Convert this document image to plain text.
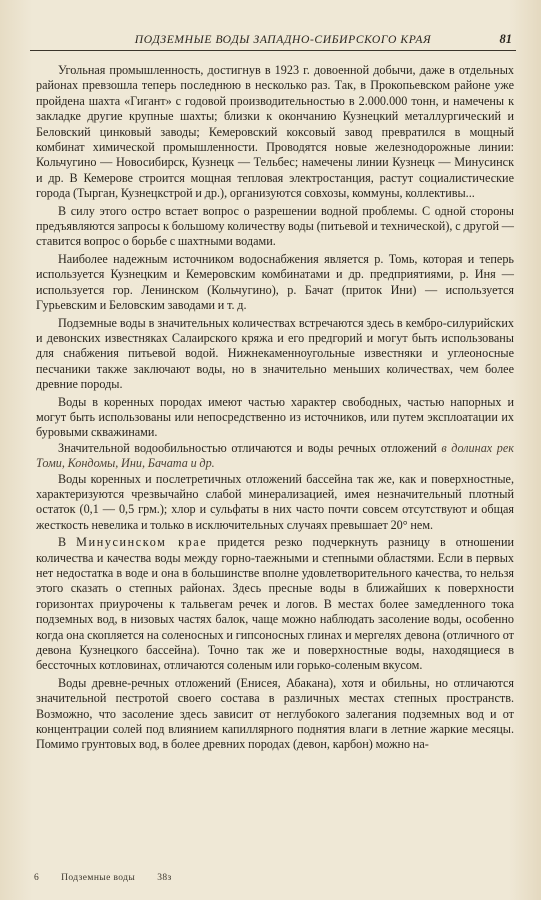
ПОДЗЕМНЫЕ ВОДЫ ЗАПАДНО-СИБИРСКОГО КРАЯ	81

Угольная промышленность, достигнув в 1923 г. довоенной добычи, даже в отдельных районах превзошла теперь последнюю в несколько раз. Так, в Прокопьевском районе уже пройдена шахта «Гигант» с годовой производительностью в 2.000.000 тонн, и намечены к закладке другие крупные шахты; близки к окончанию Кузнецкий металлургический и Беловский цинковый заводы; Кемеровский коксовый завод превратился в мощный комбинат химической промышленности. Проводятся новые железнодорожные линии: Кольчугино — Новосибирск, Кузнецк — Тельбес; намечены линии Кузнецк — Минусинск и др. В Кемерове строится мощная тепловая электростанция, растут социалистические города (Тырган, Кузнецкстрой и др.), организуются совхозы, коммуны, коллективы...

В силу этого остро встает вопрос о разрешении водной проблемы. С одной стороны предъявляются запросы к большому количеству воды (питьевой и технической), с другой — ставится вопрос о борьбе с шахтными водами.

Наиболее надежным источником водоснабжения является р. Томь, которая и теперь используется Кузнецким и Кемеровским комбинатами и др. предприятиями, р. Иня — используется гор. Ленинском (Кольчугино), р. Бачат (приток Ини) — используется Гурьевским и Беловским заводами и т. д.

Подземные воды в значительных количествах встречаются здесь в кембро-силурийских и девонских известняках Салаирского кряжа и его предгорий и могут быть использованы для снабжения питьевой водой. Нижнекаменноугольные известняки и углеоносные песчаники также заключают воды, но в значительно меньших количествах, чем более древние породы.

Воды в коренных породах имеют частью характер свободных, частью напорных и могут быть использованы или непосредственно из источников, или путем эксплоатации их буровыми скважинами.

Значительной водообильностью отличаются и воды речных отложений в долинах рек Томи, Кондомы, Ини, Бачата и др.

Воды коренных и послетретичных отложений бассейна так же, как и поверхностные, характеризуются чрезвычайно слабой минерализацией, имея незначительный плотный остаток (0,1 — 0,5 грм.); хлор и сульфаты в них часто почти совсем отсутствуют и общая жесткость невелика и только в исключительных случаях превышает 20° нем.

В Минусинском крае придется резко подчеркнуть разницу в отношении количества и качества воды между горно-таежными и степными областями. Если в первых нет недостатка в воде и она в большинстве вполне удовлетворительного качества, то нельзя этого сказать о степных районах. Здесь пресные воды в ближайших к поверхности горизонтах приурочены к тальвегам речек и логов. В местах более замедленного тока подземных вод, в низовых частях балок, чаще можно наблюдать засоление воды, особенно когда она скопляется на соленосных и гипсоносных глинах и мергелях девона (отличного от девона Кузнецкого бассейна). Точно так же и поверхностные воды, находящиеся в бессточных котловинах, отличаются соленым или горько-соленым вкусом.

Воды древне-речных отложений (Енисея, Абакана), хотя и обильны, но отличаются значительной пестротой своего состава в различных местах степных пространств. Возможно, что засоление здесь зависит от неглубокого залегания подземных вод и от концентрации солей под влиянием капиллярного поднятия влаги в летние жаркие месяцы. Помимо грунтовых вод, в более древних породах (девон, карбон) можно на-

6 Подземные воды 38з
